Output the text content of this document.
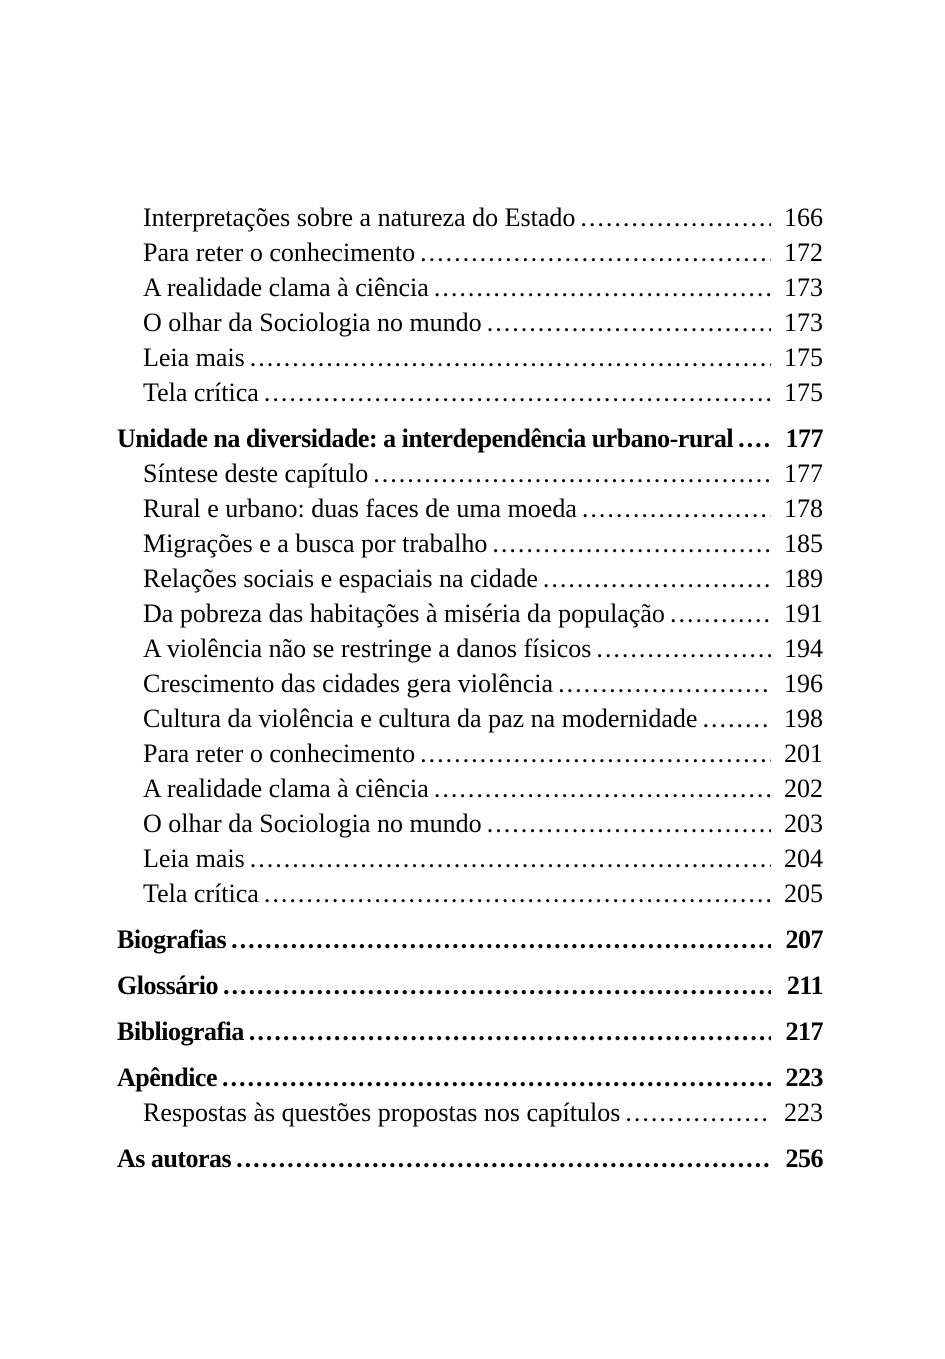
Interpretações sobre a natureza do Estado .....	166
Para reter o conhecimento .....	172
A realidade clama à ciência .....	173
O olhar da Sociologia no mundo .....	173
Leia mais .....	175
Tela crítica .....	175
Unidade na diversidade: a interdependência urbano-rural .....	177
Síntese deste capítulo .....	177
Rural e urbano: duas faces de uma moeda .....	178
Migrações e a busca por trabalho .....	185
Relações sociais e espaciais na cidade .....	189
Da pobreza das habitações à miséria da população .....	191
A violência não se restringe a danos físicos .....	194
Crescimento das cidades gera violência .....	196
Cultura da violência e cultura da paz na modernidade .....	198
Para reter o conhecimento .....	201
A realidade clama à ciência .....	202
O olhar da Sociologia no mundo .....	203
Leia mais .....	204
Tela crítica .....	205
Biografias .....	207
Glossário .....	211
Bibliografia .....	217
Apêndice .....	223
Respostas às questões propostas nos capítulos .....	223
As autoras .....	256
